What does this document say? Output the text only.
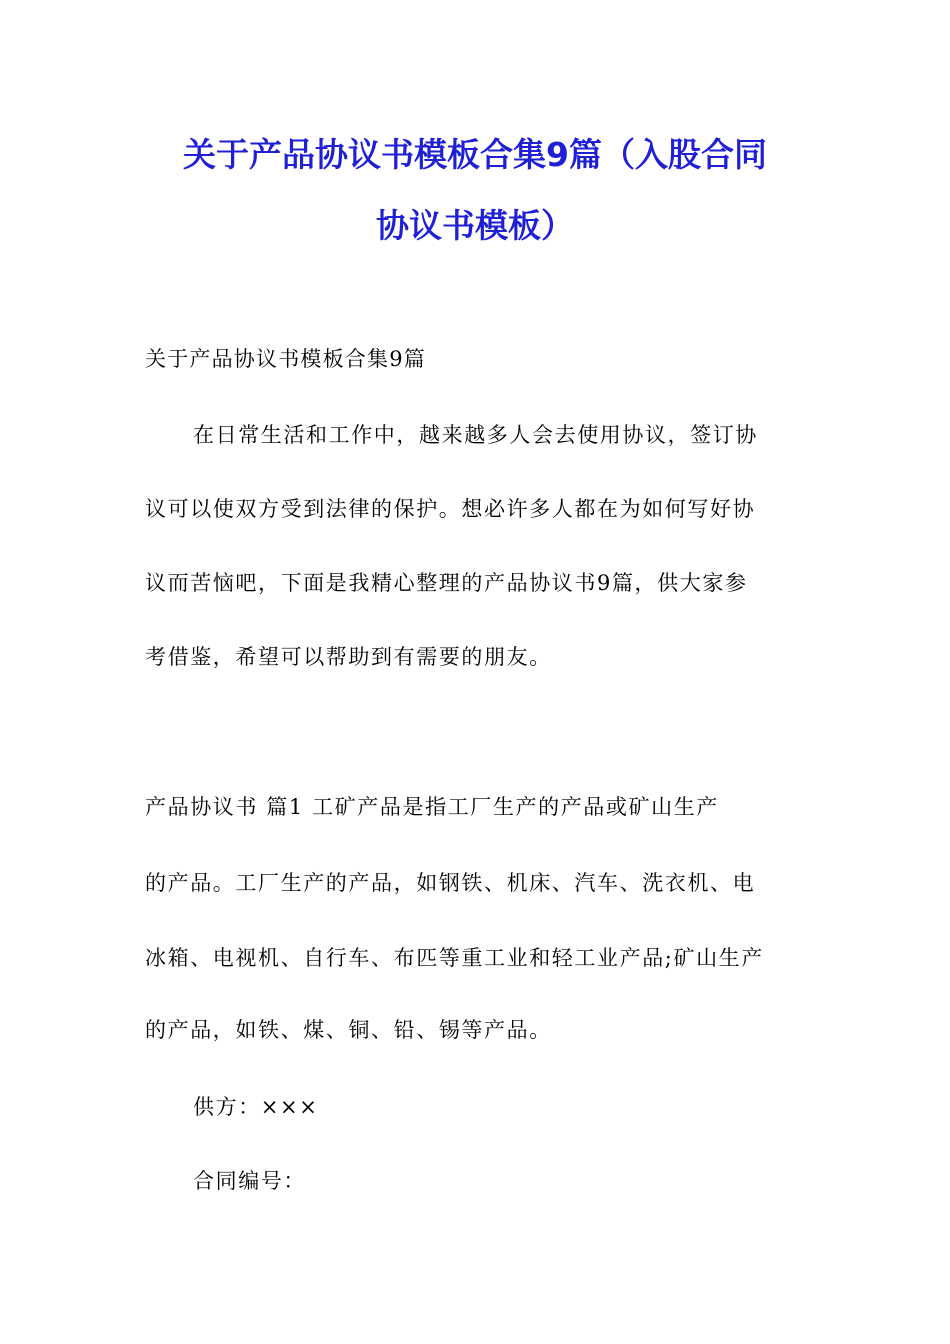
关于产品协议书模板合集9篇（入股合同
协议书模板）
关于产品协议书模板合集9篇
在日常生活和工作中，越来越多人会去使用协议，签订协
议可以使双方受到法律的保护。想必许多人都在为如何写好协
议而苦恼吧，下面是我精心整理的产品协议书9篇，供大家参
考借鉴，希望可以帮助到有需要的朋友。
产品协议书 篇1 工矿产品是指工厂生产的产品或矿山生产
的产品。工厂生产的产品，如钢铁、机床、汽车、洗衣机、电
冰箱、电视机、自行车、布匹等重工业和轻工业产品;矿山生产
的产品，如铁、煤、铜、铅、锡等产品。
供方：×××
合同编号：
